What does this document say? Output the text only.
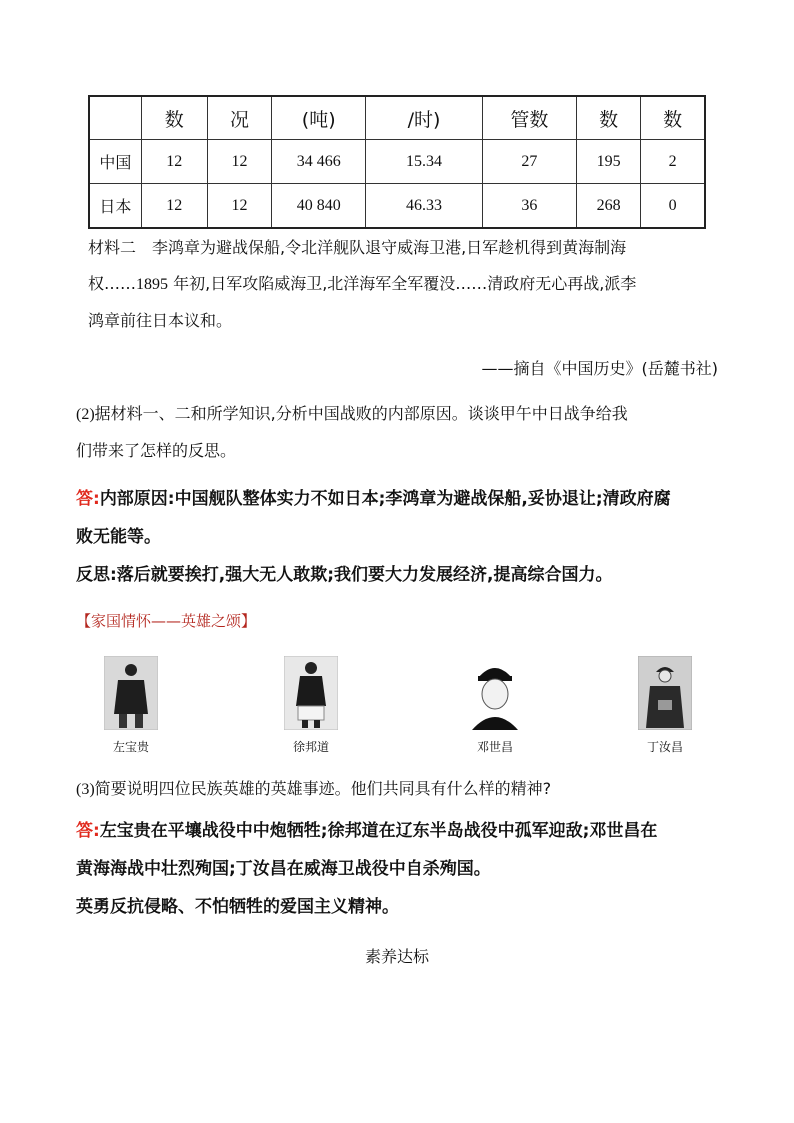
	数	况	(吨)	/时)	管数	数	数
中国	12	12	34 466	15.34	27	195	2
日本	12	12	40 840	46.33	36	268	0
材料二　李鸿章为避战保船,令北洋舰队退守威海卫港,日军趁机得到黄海制海
权……1895 年初,日军攻陷威海卫,北洋海军全军覆没……清政府无心再战,派李
鸿章前往日本议和。
——摘自《中国历史》(岳麓书社)
(2)据材料一、二和所学知识,分析中国战败的内部原因。谈谈甲午中日战争给我
们带来了怎样的反思。
答:内部原因:中国舰队整体实力不如日本;李鸿章为避战保船,妥协退让;清政府腐
败无能等。
反思:落后就要挨打,强大无人敢欺;我们要大力发展经济,提高综合国力。
【家国情怀——英雄之颂】
左宝贵	徐邦道	邓世昌	丁汝昌
(3)简要说明四位民族英雄的英雄事迹。他们共同具有什么样的精神?
答:左宝贵在平壤战役中中炮牺牲;徐邦道在辽东半岛战役中孤军迎敌;邓世昌在
黄海海战中壮烈殉国;丁汝昌在威海卫战役中自杀殉国。
英勇反抗侵略、不怕牺牲的爱国主义精神。
素养达标
